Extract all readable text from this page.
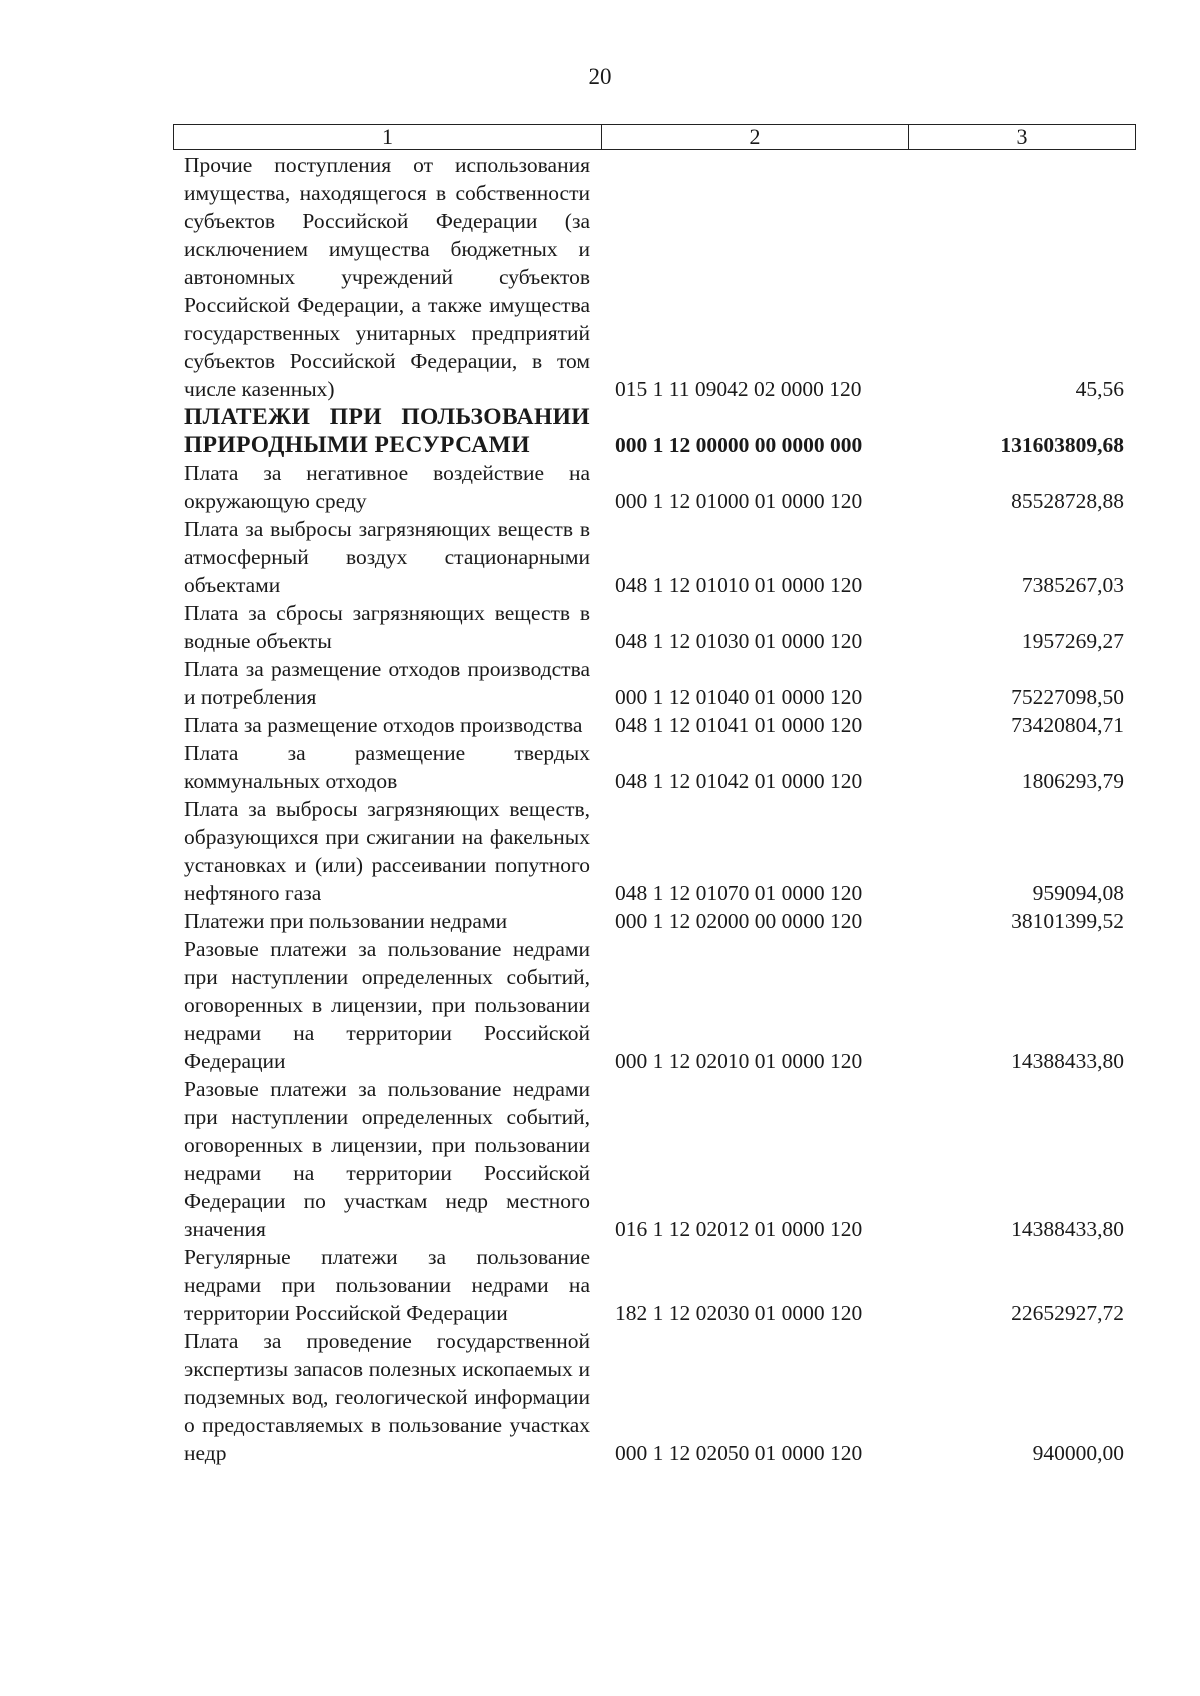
20
1	2	3
Прочие поступления от использования имущества, находящегося в собственности субъектов Российской Федерации (за исключением имущества бюджетных и автономных учреждений субъектов Российской Федерации, а также имущества государственных унитарных предприятий субъектов Российской Федерации, в том числе казенных)	015 1 11 09042 02 0000 120	45,56
ПЛАТЕЖИ ПРИ ПОЛЬЗОВАНИИ ПРИРОДНЫМИ РЕСУРСАМИ	000 1 12 00000 00 0000 000	131603809,68
Плата за негативное воздействие на окружающую среду	000 1 12 01000 01 0000 120	85528728,88
Плата за выбросы загрязняющих веществ в атмосферный воздух стационарными объектами	048 1 12 01010 01 0000 120	7385267,03
Плата за сбросы загрязняющих веществ в водные объекты	048 1 12 01030 01 0000 120	1957269,27
Плата за размещение отходов производства и потребления	000 1 12 01040 01 0000 120	75227098,50
Плата за размещение отходов производства	048 1 12 01041 01 0000 120	73420804,71
Плата за размещение твердых коммунальных отходов	048 1 12 01042 01 0000 120	1806293,79
Плата за выбросы загрязняющих веществ, образующихся при сжигании на факельных установках и (или) рассеивании попутного нефтяного газа	048 1 12 01070 01 0000 120	959094,08
Платежи при пользовании недрами	000 1 12 02000 00 0000 120	38101399,52
Разовые платежи за пользование недрами при наступлении определенных событий, оговоренных в лицензии, при пользовании недрами на территории Российской Федерации	000 1 12 02010 01 0000 120	14388433,80
Разовые платежи за пользование недрами при наступлении определенных событий, оговоренных в лицензии, при пользовании недрами на территории Российской Федерации по участкам недр местного значения	016 1 12 02012 01 0000 120	14388433,80
Регулярные платежи за пользование недрами при пользовании недрами на территории Российской Федерации	182 1 12 02030 01 0000 120	22652927,72
Плата за проведение государственной экспертизы запасов полезных ископаемых и подземных вод, геологической информации о предоставляемых в пользование участках недр	000 1 12 02050 01 0000 120	940000,00
